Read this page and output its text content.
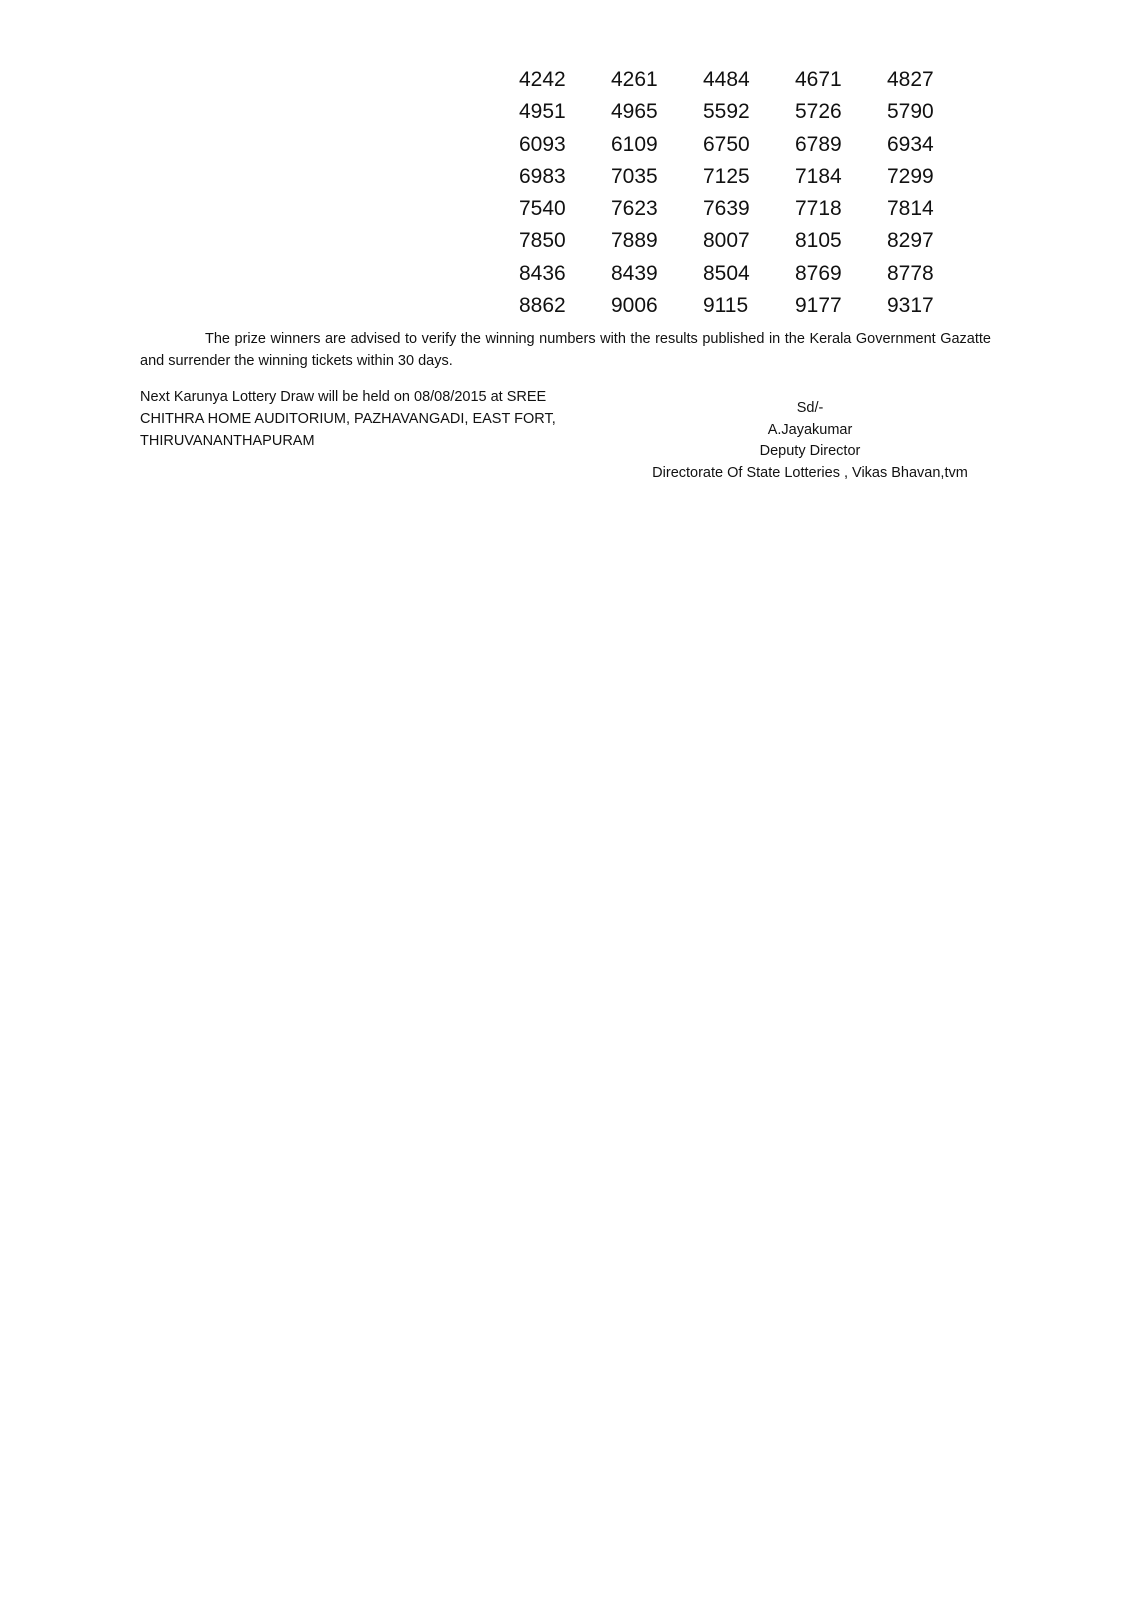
4242	4261	4484	4671	4827
4951	4965	5592	5726	5790
6093	6109	6750	6789	6934
6983	7035	7125	7184	7299
7540	7623	7639	7718	7814
7850	7889	8007	8105	8297
8436	8439	8504	8769	8778
8862	9006	9115	9177	9317

The prize winners are advised to verify the winning numbers with the results published in the Kerala Government Gazatte and surrender the winning tickets within 30 days.

Next Karunya Lottery Draw will be held on 08/08/2015 at SREE
CHITHRA HOME AUDITORIUM, PAZHAVANGADI, EAST FORT,
THIRUVANANTHAPURAM
Sd/-
A.Jayakumar
Deputy Director
Directorate Of State Lotteries , Vikas Bhavan,tvm
